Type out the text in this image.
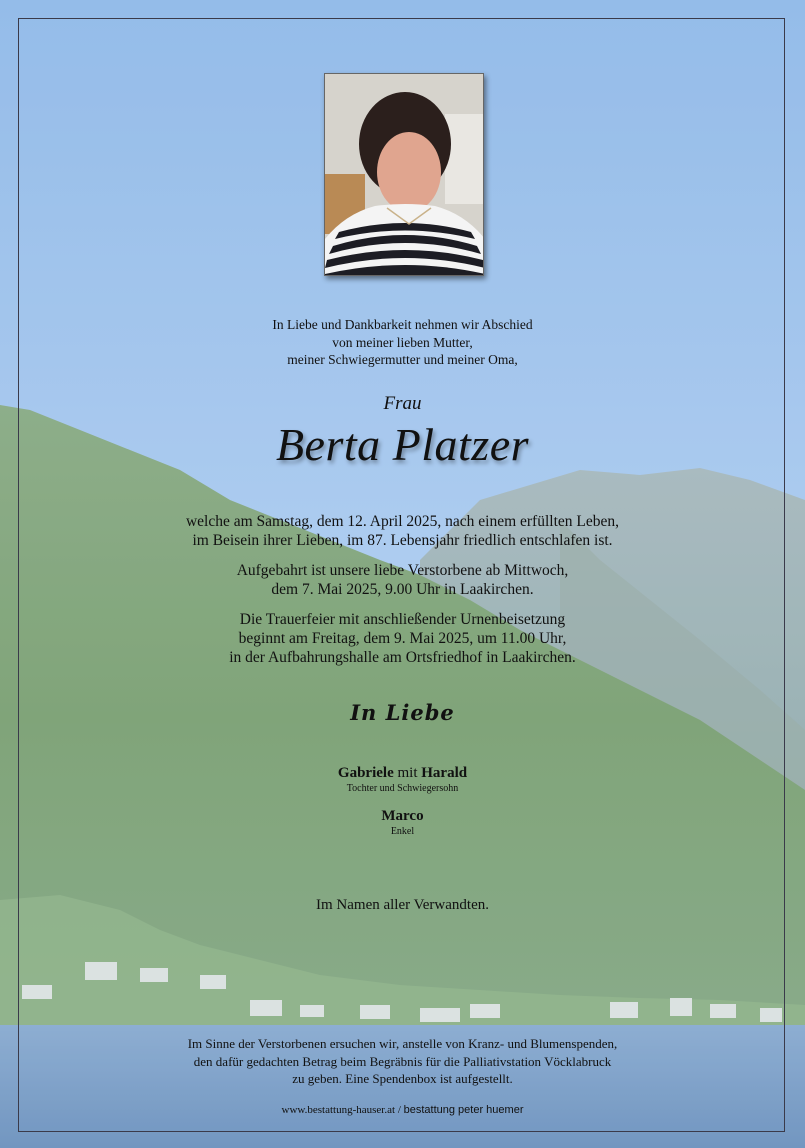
In Liebe und Dankbarkeit nehmen wir Abschied
von meiner lieben Mutter,
meiner Schwiegermutter und meiner Oma,
Frau
Berta Platzer
welche am Samstag, dem 12. April 2025, nach einem erfüllten Leben,
im Beisein ihrer Lieben, im 87. Lebensjahr friedlich entschlafen ist.
Aufgebahrt ist unsere liebe Verstorbene ab Mittwoch,
dem 7. Mai 2025, 9.00 Uhr in Laakirchen.
Die Trauerfeier mit anschließender Urnenbeisetzung
beginnt am Freitag, dem 9. Mai 2025, um 11.00 Uhr,
in der Aufbahrungshalle am Ortsfriedhof in Laakirchen.
In Liebe
Gabriele mit Harald
Tochter und Schwiegersohn
Marco
Enkel
Im Namen aller Verwandten.
Im Sinne der Verstorbenen ersuchen wir, anstelle von Kranz- und Blumenspenden,
den dafür gedachten Betrag beim Begräbnis für die Palliativstation Vöcklabruck
zu geben. Eine Spendenbox ist aufgestellt.
www.bestattung-hauser.at / bestattung peter huemer
